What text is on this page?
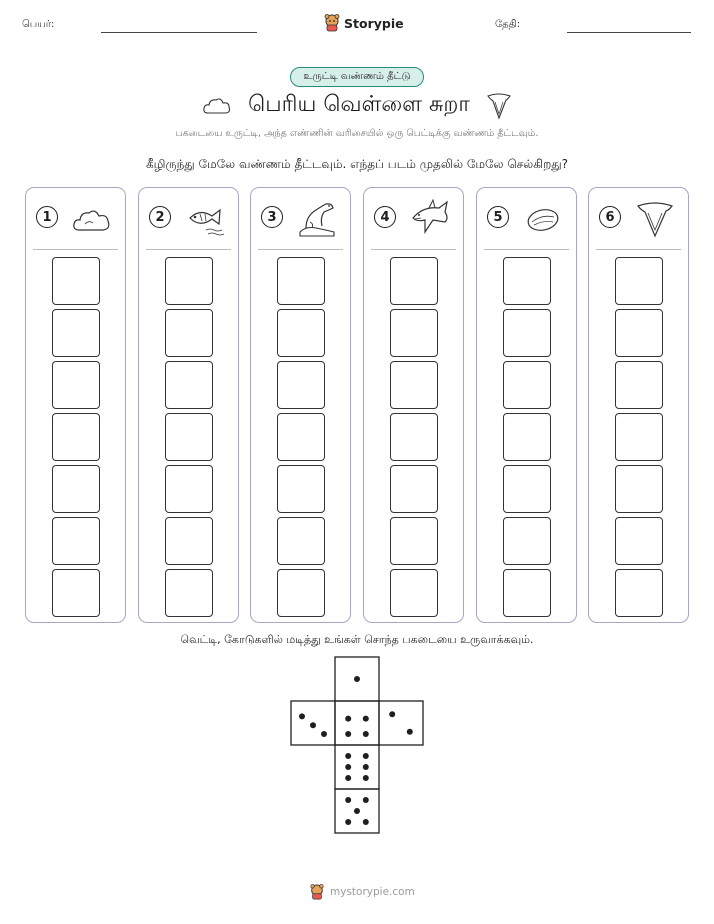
பெயர்:	Storypie	தேதி:
உருட்டி வண்ணம் தீட்டு
பெரிய வெள்ளை சுறா
பகடையை உருட்டி, அந்த எண்ணின் வரிசையில் ஒரு பெட்டிக்கு வண்ணம் தீட்டவும்.
கீழிருந்து மேலே வண்ணம் தீட்டவும். எந்தப் படம் முதலில் மேலே செல்கிறது?
1	2	3	4	5	6
வெட்டி, கோடுகளில் மடித்து உங்கள் சொந்த பகடையை உருவாக்கவும்.
mystorypie.com
